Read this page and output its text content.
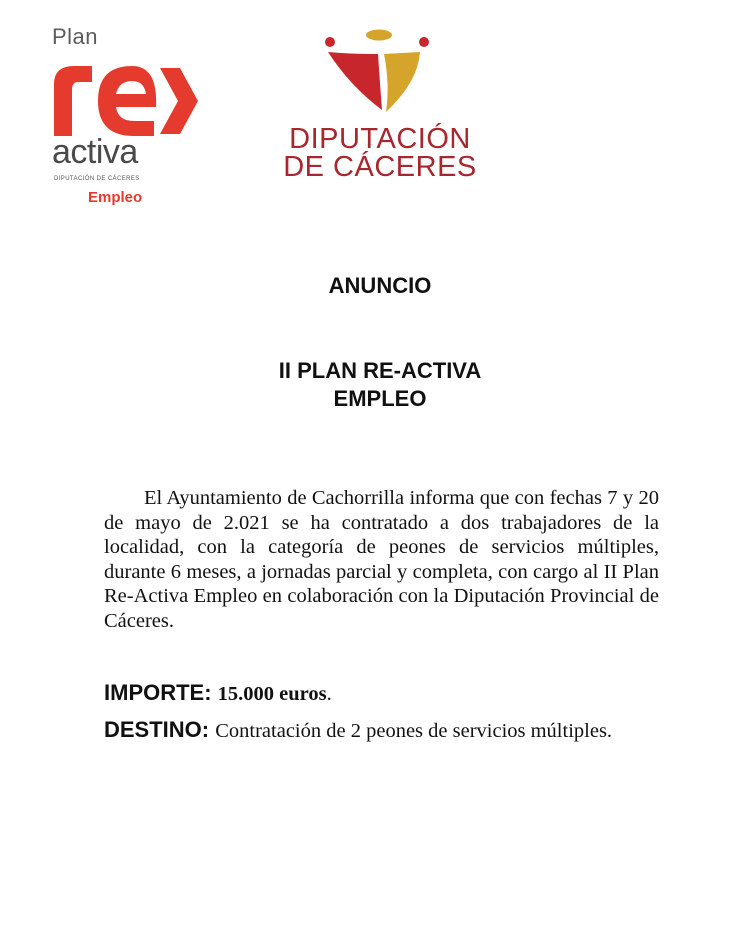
Plan
activa
DIPUTACIÓN DE CÁCERES
Empleo
DIPUTACIÓN
DE CÁCERES
ANUNCIO
II PLAN RE-ACTIVA
EMPLEO
El Ayuntamiento de Cachorrilla informa que con fechas 7 y 20 de mayo de 2.021 se ha contratado a dos trabajadores de la localidad, con la categoría de peones de servicios múltiples, durante 6 meses, a jornadas parcial y completa, con cargo al II Plan Re-Activa Empleo en colaboración con la Diputación Provincial de Cáceres.
IMPORTE: 15.000 euros.
DESTINO: Contratación de 2 peones de servicios múltiples.
